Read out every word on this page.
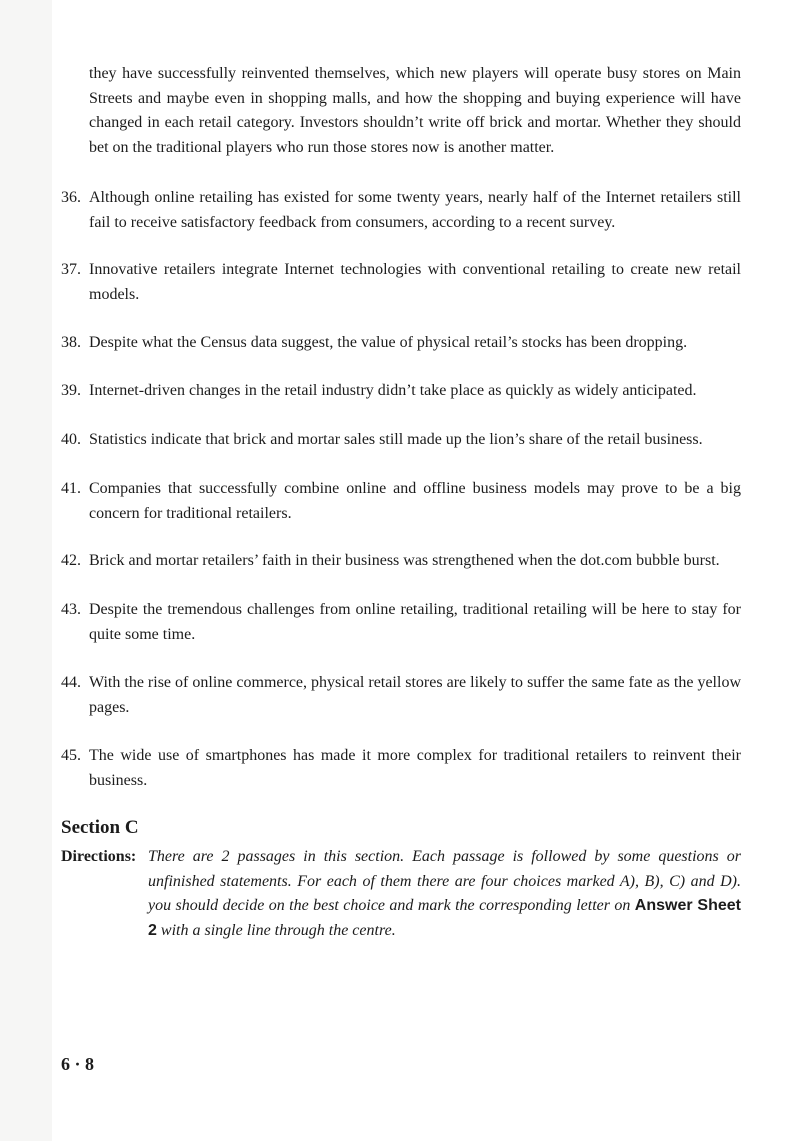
they have successfully reinvented themselves, which new players will operate busy stores on Main Streets and maybe even in shopping malls, and how the shopping and buying experience will have changed in each retail category. Investors shouldn’t write off brick and mortar. Whether they should bet on the traditional players who run those stores now is another matter.
36. Although online retailing has existed for some twenty years, nearly half of the Internet retailers still fail to receive satisfactory feedback from consumers, according to a recent survey.
37. Innovative retailers integrate Internet technologies with conventional retailing to create new retail models.
38. Despite what the Census data suggest, the value of physical retail’s stocks has been dropping.
39. Internet-driven changes in the retail industry didn’t take place as quickly as widely anticipated.
40. Statistics indicate that brick and mortar sales still made up the lion’s share of the retail business.
41. Companies that successfully combine online and offline business models may prove to be a big concern for traditional retailers.
42. Brick and mortar retailers’ faith in their business was strengthened when the dot.com bubble burst.
43. Despite the tremendous challenges from online retailing, traditional retailing will be here to stay for quite some time.
44. With the rise of online commerce, physical retail stores are likely to suffer the same fate as the yellow pages.
45. The wide use of smartphones has made it more complex for traditional retailers to reinvent their business.
Section C
Directions: There are 2 passages in this section. Each passage is followed by some questions or unfinished statements. For each of them there are four choices marked A), B), C) and D). you should decide on the best choice and mark the corresponding letter on Answer Sheet 2 with a single line through the centre.
6 · 8
